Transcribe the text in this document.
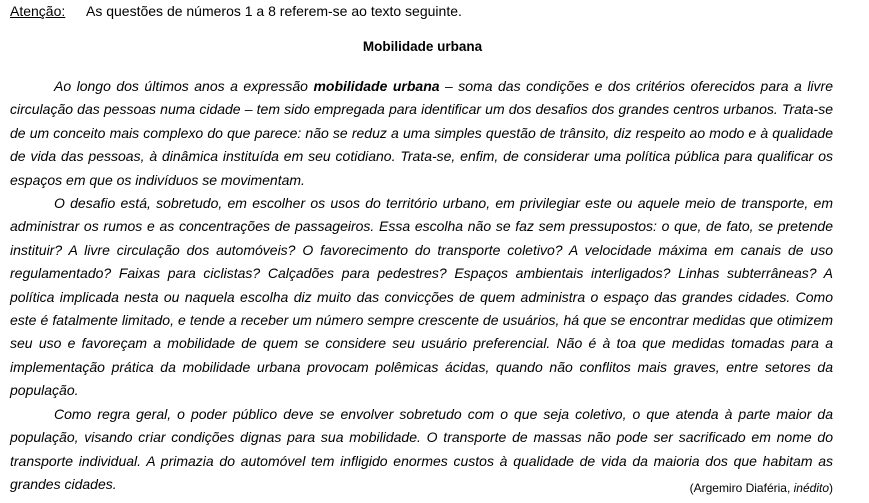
Atenção: As questões de números 1 a 8 referem-se ao texto seguinte.
Mobilidade urbana

Ao longo dos últimos anos a expressão mobilidade urbana – soma das condições e dos critérios oferecidos para a livre circulação das pessoas numa cidade – tem sido empregada para identificar um dos desafios dos grandes centros urbanos. Trata-se de um conceito mais complexo do que parece: não se reduz a uma simples questão de trânsito, diz respeito ao modo e à qualidade de vida das pessoas, à dinâmica instituída em seu cotidiano. Trata-se, enfim, de considerar uma política pública para qualificar os espaços em que os indivíduos se movimentam.

O desafio está, sobretudo, em escolher os usos do território urbano, em privilegiar este ou aquele meio de transporte, em administrar os rumos e as concentrações de passageiros. Essa escolha não se faz sem pressupostos: o que, de fato, se pretende instituir? A livre circulação dos automóveis? O favorecimento do transporte coletivo? A velocidade máxima em canais de uso regulamentado? Faixas para ciclistas? Calçadões para pedestres? Espaços ambientais interligados? Linhas subterrâneas? A política implicada nesta ou naquela escolha diz muito das convicções de quem administra o espaço das grandes cidades. Como este é fatalmente limitado, e tende a receber um número sempre crescente de usuários, há que se encontrar medidas que otimizem seu uso e favoreçam a mobilidade de quem se considere seu usuário preferencial. Não é à toa que medidas tomadas para a implementação prática da mobilidade urbana provocam polêmicas ácidas, quando não conflitos mais graves, entre setores da população.

Como regra geral, o poder público deve se envolver sobretudo com o que seja coletivo, o que atenda à parte maior da população, visando criar condições dignas para sua mobilidade. O transporte de massas não pode ser sacrificado em nome do transporte individual. A primazia do automóvel tem infligido enormes custos à qualidade de vida da maioria dos que habitam as grandes cidades.	(Argemiro Diaféria, inédito)
